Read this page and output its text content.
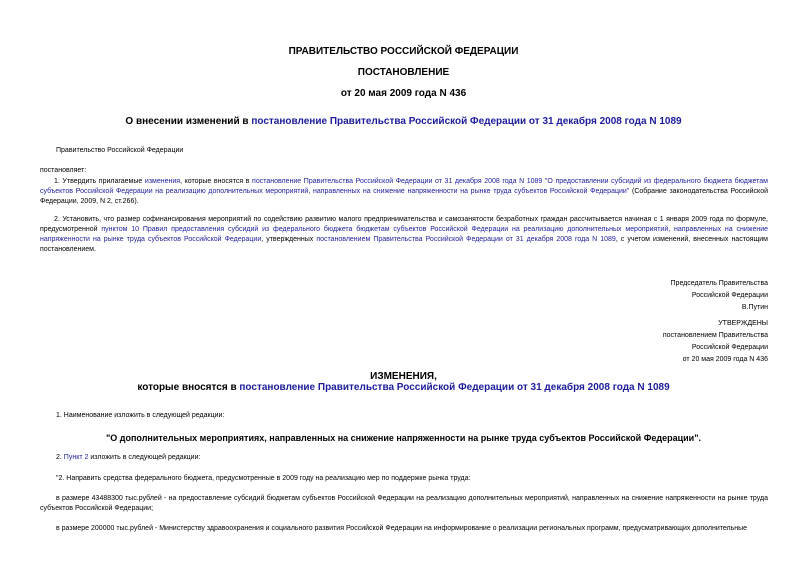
ПРАВИТЕЛЬСТВО РОССИЙСКОЙ ФЕДЕРАЦИИ
ПОСТАНОВЛЕНИЕ
от 20 мая 2009 года N 436
О внесении изменений в постановление Правительства Российской Федерации от 31 декабря 2008 года N 1089
Правительство Российской Федерации
постановляет:
1. Утвердить прилагаемые изменения, которые вносятся в постановление Правительства Российской Федерации от 31 декабря 2008 года N 1089 "О предоставлении субсидий из федерального бюджета бюджетам субъектов Российской Федерации на реализацию дополнительных мероприятий, направленных на снижение напряженности на рынке труда субъектов Российской Федерации" (Собрание законодательства Российской Федерации, 2009, N 2, ст.266).
2. Установить, что размер софинансирования мероприятий по содействию развитию малого предпринимательства и самозанятости безработных граждан рассчитывается начиная с 1 января 2009 года по формуле, предусмотренной пунктом 10 Правил предоставления субсидий из федерального бюджета бюджетам субъектов Российской Федерации на реализацию дополнительных мероприятий, направленных на снижение напряженности на рынке труда субъектов Российской Федерации, утвержденных постановлением Правительства Российской Федерации от 31 декабря 2008 года N 1089, с учетом изменений, внесенных настоящим постановлением.
Председатель Правительства
Российской Федерации
В.Путин
УТВЕРЖДЕНЫ
постановлением Правительства
Российской Федерации
от 20 мая 2009 года N 436
ИЗМЕНЕНИЯ,
которые вносятся в постановление Правительства Российской Федерации от 31 декабря 2008 года N 1089
1. Наименование изложить в следующей редакции:
"О дополнительных мероприятиях, направленных на снижение напряженности на рынке труда субъектов Российской Федерации".
2. Пункт 2 изложить в следующей редакции:
"2. Направить средства федерального бюджета, предусмотренные в 2009 году на реализацию мер по поддержке рынка труда:
в размере 43488300 тыс.рублей - на предоставление субсидий бюджетам субъектов Российской Федерации на реализацию дополнительных мероприятий, направленных на снижение напряженности на рынке труда субъектов Российской Федерации;
в размере 200000 тыс.рублей - Министерству здравоохранения и социального развития Российской Федерации на информирование о реализации региональных программ, предусматривающих дополнительные
